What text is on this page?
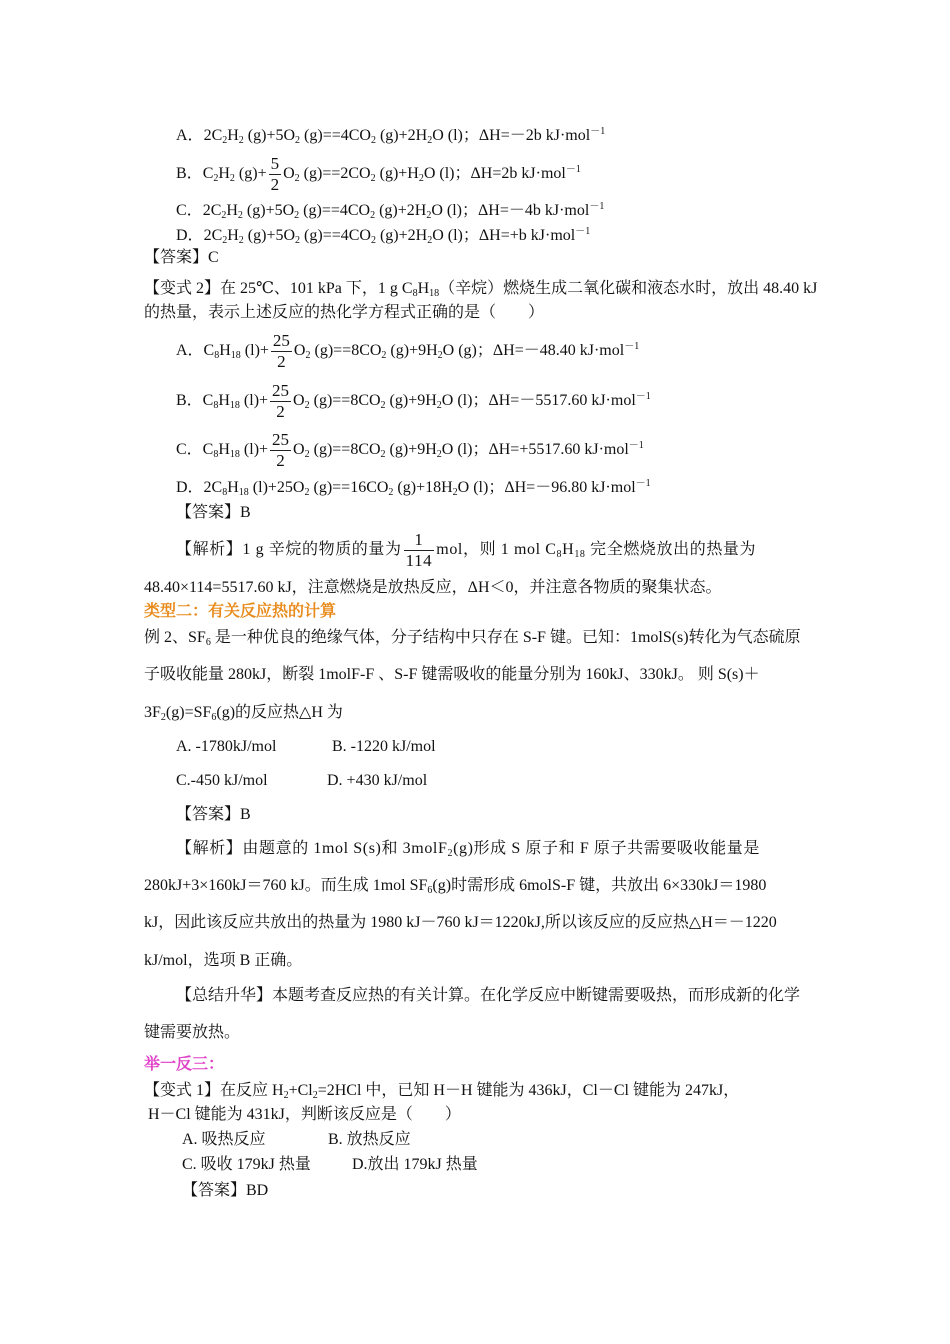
A．$2C_2H_2$ $(g)+5O_2$ $(g)==4CO_2$ $(g)+2H_2O$ (l)；ΔH=－2b kJ·mol$^{-1}$
B．$C_2H_2$ $(g)+ \frac{5}{2} O_2$ $(g)==2CO_2$ $(g)+H_2O$ (l)；ΔH=2b kJ·mol$^{-1}$
C．$2C_2H_2$ $(g)+5O_2$ $(g)==4CO_2$ $(g)+2H_2O$ (l)；ΔH=－4b kJ·mol$^{-1}$
D．$2C_2H_2$ $(g)+5O_2$ $(g)==4CO_2$ $(g)+2H_2O$ (l)；ΔH=+b kJ·mol$^{-1}$
【答案】C
【变式 2】在 25℃、101 kPa 下，1 g $C_8H_{18}$（辛烷）燃烧生成二氧化碳和液态水时，放出 48.40 kJ
的热量，表示上述反应的热化学方程式正确的是（　　）
A．$C_8H_{18}$ $(l)+ \frac{25}{2} O_2$ $(g)==8CO_2$ $(g)+9H_2O$ (g)；ΔH=－48.40 kJ·mol$^{-1}$
B．$C_8H_{18}$ $(l)+ \frac{25}{2} O_2$ $(g)==8CO_2$ $(g)+9H_2O$ (l)；ΔH=－5517.60 kJ·mol$^{-1}$
C．$C_8H_{18}$ $(l)+ \frac{25}{2} O_2$ $(g)==8CO_2$ $(g)+9H_2O$ (l)；ΔH=+5517.60 kJ·mol$^{-1}$
D．$2C_8H_{18}$ $(l)+25O_2$ $(g)==16CO_2$ $(g)+18H_2O$ (l)；ΔH=－96.80 kJ·mol$^{-1}$
【答案】B
【解析】1 g 辛烷的物质的量为 $\frac{1}{114}$ mol，则 1 mol $C_8H_{18}$ 完全燃烧放出的热量为
48.40×114=5517.60 kJ，注意燃烧是放热反应，ΔH＜0，并注意各物质的聚集状态。
类型二：有关反应热的计算
例 2、$SF_6$ 是一种优良的绝缘气体，分子结构中只存在 S-F 键。已知：1molS(s)转化为气态硫原
子吸收能量 280kJ，断裂 1molF-F 、S-F 键需吸收的能量分别为 160kJ、330kJ。 则 S(s)＋
$3F_2(g)=SF_6(g)$的反应热△H 为
A. -1780kJ/mol	B. -1220 kJ/mol
C.-450 kJ/mol	D. +430 kJ/mol
【答案】B
【解析】由题意的 1mol S(s)和 3molF$_2$(g)形成 S 原子和 F 原子共需要吸收能量是
280kJ+3×160kJ＝760 kJ。而生成 1mol $SF_6(g)$时需形成 6molS-F 键，共放出 6×330kJ＝1980
kJ，因此该反应共放出的热量为 1980 kJ－760 kJ＝1220kJ,所以该反应的反应热△H＝－1220
kJ/mol，选项 B 正确。
【总结升华】本题考查反应热的有关计算。在化学反应中断键需要吸热，而形成新的化学
键需要放热。
举一反三：
【变式 1】在反应 $H_2+Cl_2=2HCl$ 中，已知 H－H 键能为 436kJ，Cl－Cl 键能为 247kJ，
H－Cl 键能为 431kJ，判断该反应是（　　）
A. 吸热反应	B. 放热反应
C. 吸收 179kJ 热量	D.放出 179kJ 热量
【答案】BD
